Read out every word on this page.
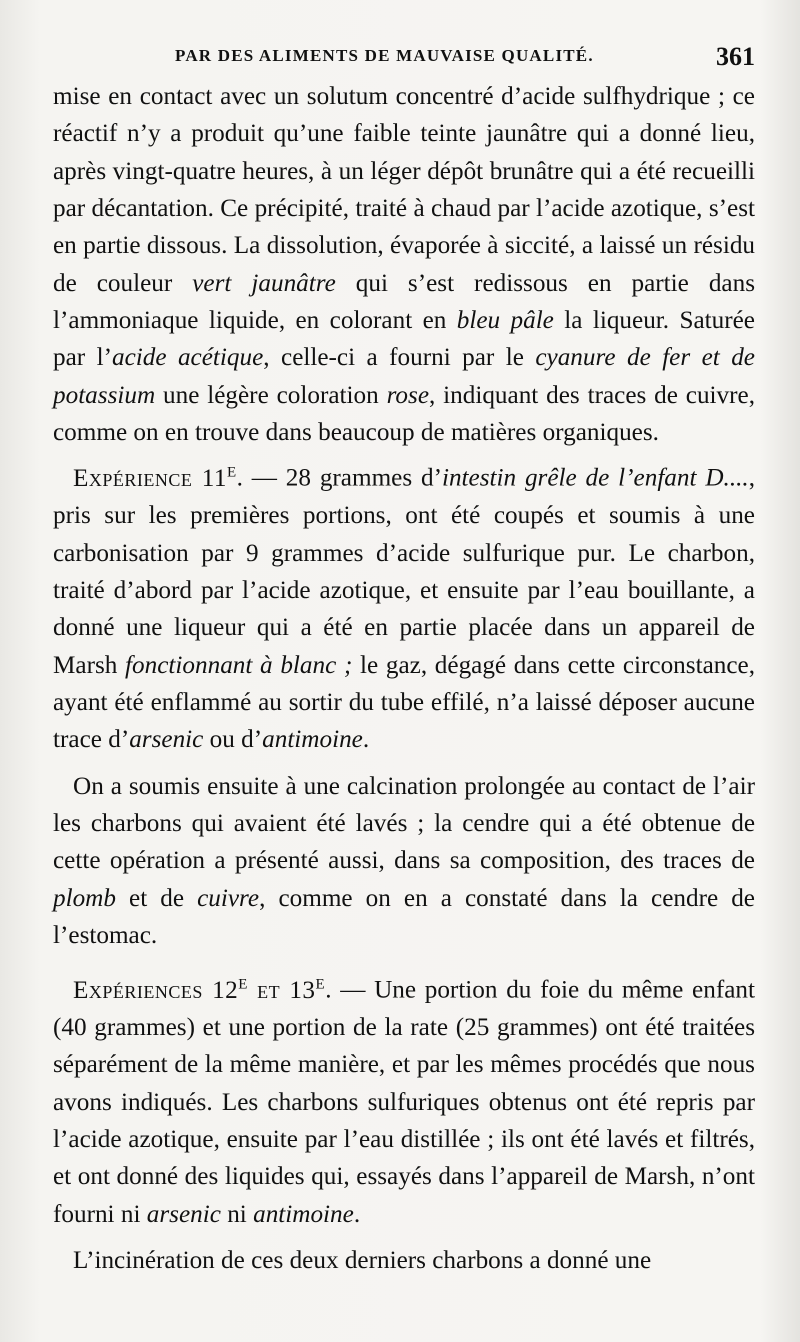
PAR DES ALIMENTS DE MAUVAISE QUALITÉ.	361

mise en contact avec un solutum concentré d’acide sulfhydrique ; ce réactif n’y a produit qu’une faible teinte jaunâtre qui a donné lieu, après vingt-quatre heures, à un léger dépôt brunâtre qui a été recueilli par décantation. Ce précipité, traité à chaud par l’acide azotique, s’est en partie dissous. La dissolution, évaporée à siccité, a laissé un résidu de couleur vert jaunâtre qui s’est redissous en partie dans l’ammoniaque liquide, en colorant en bleu pâle la liqueur. Saturée par l’acide acétique, celle-ci a fourni par le cyanure de fer et de potassium une légère coloration rose, indiquant des traces de cuivre, comme on en trouve dans beaucoup de matières organiques.

Expérience 11e. — 28 grammes d’intestin grêle de l’enfant D...., pris sur les premières portions, ont été coupés et soumis à une carbonisation par 9 grammes d’acide sulfurique pur. Le charbon, traité d’abord par l’acide azotique, et ensuite par l’eau bouillante, a donné une liqueur qui a été en partie placée dans un appareil de Marsh fonctionnant à blanc ; le gaz, dégagé dans cette circonstance, ayant été enflammé au sortir du tube effilé, n’a laissé déposer aucune trace d’arsenic ou d’antimoine.

On a soumis ensuite à une calcination prolongée au contact de l’air les charbons qui avaient été lavés ; la cendre qui a été obtenue de cette opération a présenté aussi, dans sa composition, des traces de plomb et de cuivre, comme on en a constaté dans la cendre de l’estomac.

Expériences 12e et 13e. — Une portion du foie du même enfant (40 grammes) et une portion de la rate (25 grammes) ont été traitées séparément de la même manière, et par les mêmes procédés que nous avons indiqués. Les charbons sulfuriques obtenus ont été repris par l’acide azotique, ensuite par l’eau distillée ; ils ont été lavés et filtrés, et ont donné des liquides qui, essayés dans l’appareil de Marsh, n’ont fourni ni arsenic ni antimoine.

L’incinération de ces deux derniers charbons a donné une
